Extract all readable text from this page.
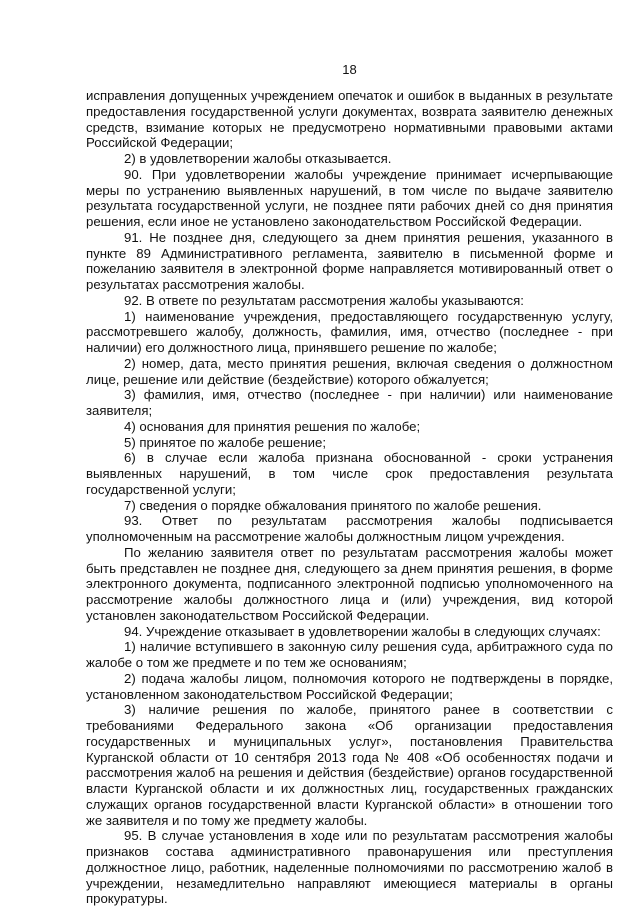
18

исправления допущенных учреждением опечаток и ошибок в выданных в результате предоставления государственной услуги документах, возврата заявителю денежных средств, взимание которых не предусмотрено нормативными правовыми актами Российской Федерации;

2) в удовлетворении жалобы отказывается.

90. При удовлетворении жалобы учреждение принимает исчерпывающие меры по устранению выявленных нарушений, в том числе по выдаче заявителю результата государственной услуги, не позднее пяти рабочих дней со дня принятия решения, если иное не установлено законодательством Российской Федерации.

91. Не позднее дня, следующего за днем принятия решения, указанного в пункте 89 Административного регламента, заявителю в письменной форме и пожеланию заявителя в электронной форме направляется мотивированный ответ о результатах рассмотрения жалобы.

92. В ответе по результатам рассмотрения жалобы указываются:

1) наименование учреждения, предоставляющего государственную услугу, рассмотревшего жалобу, должность, фамилия, имя, отчество (последнее - при наличии) его должностного лица, принявшего решение по жалобе;

2) номер, дата, место принятия решения, включая сведения о должностном лице, решение или действие (бездействие) которого обжалуется;

3) фамилия, имя, отчество (последнее - при наличии) или наименование заявителя;

4) основания для принятия решения по жалобе;

5) принятое по жалобе решение;

6) в случае если жалоба признана обоснованной - сроки устранения выявленных нарушений, в том числе срок предоставления результата государственной услуги;

7) сведения о порядке обжалования принятого по жалобе решения.

93. Ответ по результатам рассмотрения жалобы подписывается уполномоченным на рассмотрение жалобы должностным лицом учреждения.

По желанию заявителя ответ по результатам рассмотрения жалобы может быть представлен не позднее дня, следующего за днем принятия решения, в форме электронного документа, подписанного электронной подписью уполномоченного на рассмотрение жалобы должностного лица и (или) учреждения, вид которой установлен законодательством Российской Федерации.

94. Учреждение отказывает в удовлетворении жалобы в следующих случаях:

1) наличие вступившего в законную силу решения суда, арбитражного суда по жалобе о том же предмете и по тем же основаниям;

2) подача жалобы лицом, полномочия которого не подтверждены в порядке, установленном законодательством Российской Федерации;

3) наличие решения по жалобе, принятого ранее в соответствии с требованиями Федерального закона «Об организации предоставления государственных и муниципальных услуг», постановления Правительства Курганской области от 10 сентября 2013 года № 408 «Об особенностях подачи и рассмотрения жалоб на решения и действия (бездействие) органов государственной власти Курганской области и их должностных лиц, государственных гражданских служащих органов государственной власти Курганской области» в отношении того же заявителя и по тому же предмету жалобы.

95. В случае установления в ходе или по результатам рассмотрения жалобы признаков состава административного правонарушения или преступления должностное лицо, работник, наделенные полномочиями по рассмотрению жалоб в учреждении, незамедлительно направляют имеющиеся материалы в органы прокуратуры.
